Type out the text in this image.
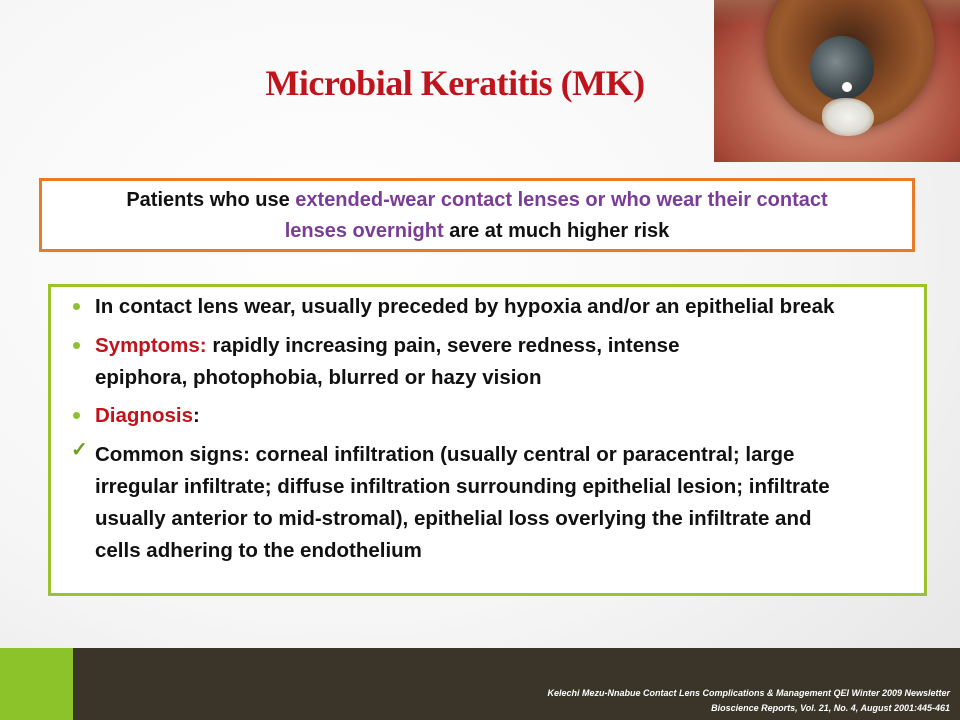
Microbial Keratitis (MK)
Patients who use extended-wear contact lenses or who wear their contact
lenses overnight are at much higher risk
In contact lens wear, usually preceded by hypoxia and/or an epithelial break
Symptoms: rapidly increasing pain, severe redness, intense
epiphora, photophobia, blurred or hazy vision
Diagnosis:
✓ Common signs: corneal infiltration (usually central or paracentral; large
irregular infiltrate; diffuse infiltration surrounding epithelial lesion; infiltrate
usually anterior to mid-stromal), epithelial loss overlying the infiltrate and
cells adhering to the endothelium
Kelechi Mezu-Nnabue Contact Lens Complications & Management QEI Winter 2009 Newsletter
Bioscience Reports, Vol. 21, No. 4, August 2001:445-461
